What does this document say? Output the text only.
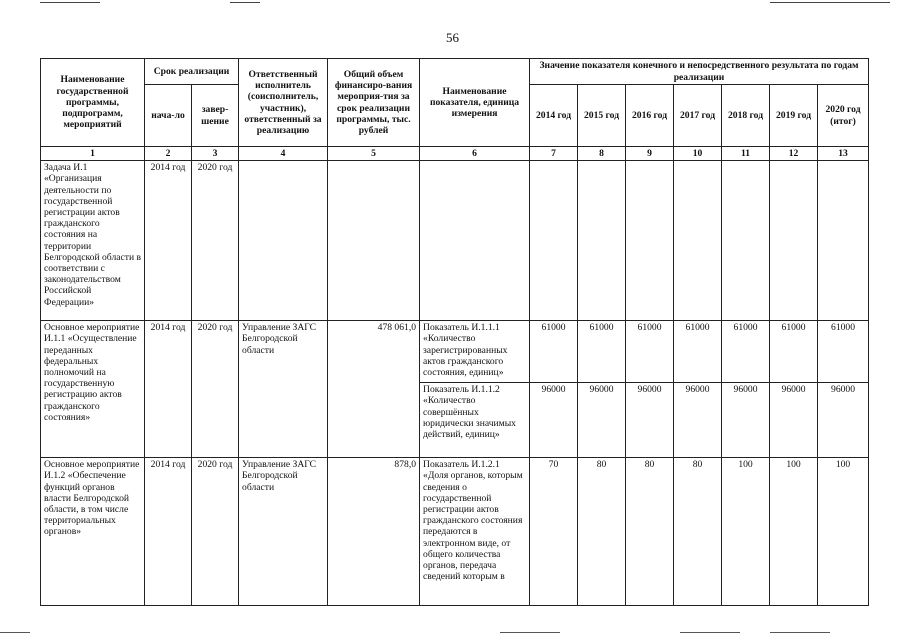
56
Наименование государственной программы, подпрограмм, мероприятий	Срок реализации		Ответственный исполнитель (соисполнитель, участник), ответственный за реализацию	Общий объем финансиро-вания мероприя-тия за срок реализации программы, тыс. рублей	Наименование показателя, единица измерения	Значение показателя конечного и непосредственного результата по годам реализации						
	нача-ло	завер-шение				2014 год	2015 год	2016 год	2017 год	2018 год	2019 год	2020 год (итог)
1	2	3	4	5	6	7	8	9	10	11	12	13
Задача И.1 «Организация деятельности по государственной регистрации актов гражданского состояния на территории Белгородской области в соответствии с законодательством Российской Федерации»	2014 год	2020 год										
Основное мероприятие И.1.1 «Осуществление переданных федеральных полномочий на государственную регистрацию актов гражданского состояния»	2014 год	2020 год	Управление ЗАГС Белгородской области	478 061,0	Показатель И.1.1.1 «Количество зарегистрированных актов гражданского состояния, единиц»	61000	61000	61000	61000	61000	61000	61000
					Показатель И.1.1.2 «Количество совершённых юридически значимых действий, единиц»	96000	96000	96000	96000	96000	96000	96000
Основное мероприятие И.1.2 «Обеспечение функций органов власти Белгородской области, в том числе территориальных органов»	2014 год	2020 год	Управление ЗАГС Белгородской области	878,0	Показатель И.1.2.1 «Доля органов, которым сведения о государственной регистрации актов гражданского состояния передаются в электронном виде, от общего количества органов, передача сведений которым в	70	80	80	80	100	100	100
